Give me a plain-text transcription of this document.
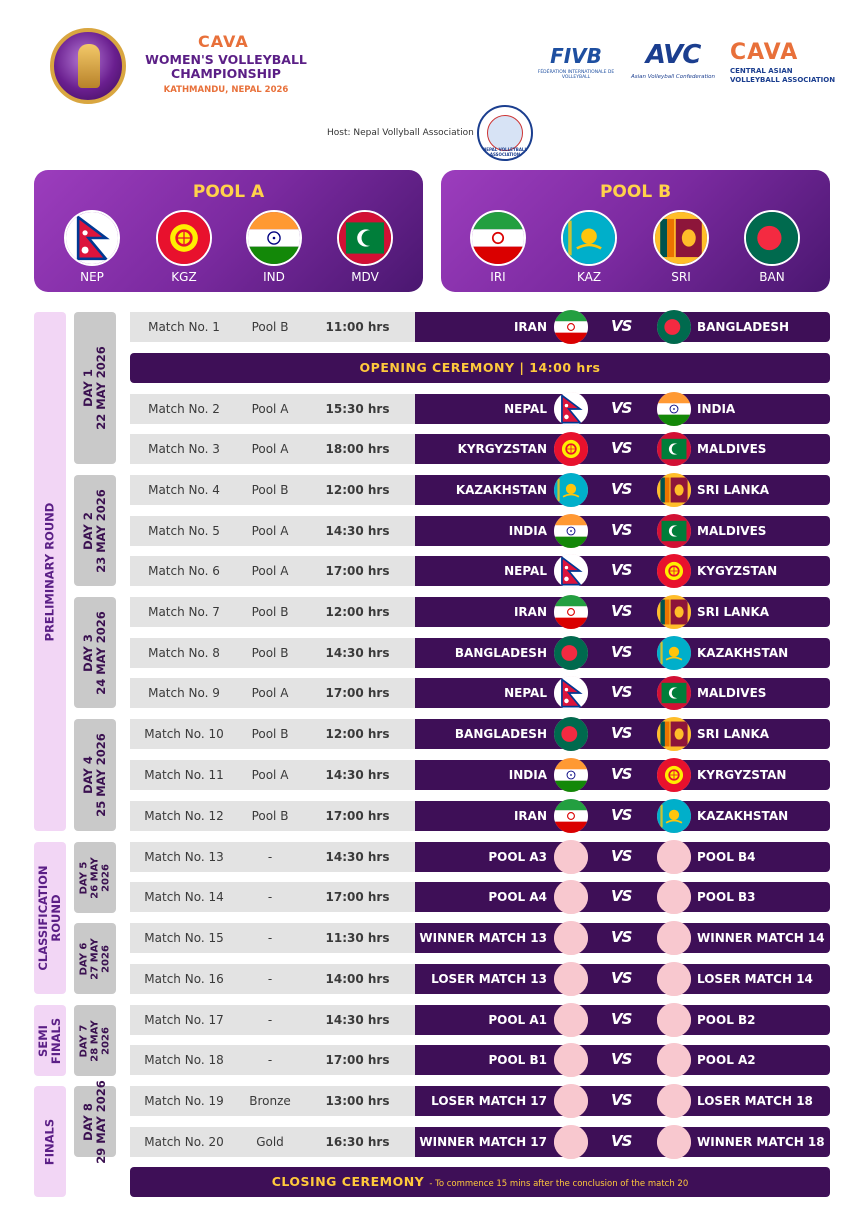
CAVA
WOMEN'S VOLLEYBALL CHAMPIONSHIP
KATHMANDU, NEPAL 2026
FIVB
FÉDÉRATION INTERNATIONALE DE VOLLEYBALL
AVC
Asian Volleyball Confederation
CAVA
CENTRAL ASIAN VOLLEYBALL ASSOCIATION
Host: Nepal Vollyball Association
NEPAL VOLLEYBALL ASSOCIATION
POOL A
NEP	KGZ	IND	MDV
POOL B
IRI	KAZ	SRI	BAN
PRELIMINARY ROUND
CLASSIFICATION ROUND
SEMI FINALS
FINALS
DAY 1 22 MAY 2026
DAY 2 23 MAY 2026
DAY 3 24 MAY 2026
DAY 4 25 MAY 2026
DAY 5 26 MAY 2026
DAY 6 27 MAY 2026
DAY 7 28 MAY 2026
DAY 8 29 MAY 2026
OPENING CEREMONY | 14:00 hrs
CLOSING CEREMONY - To commence 15 mins after the conclusion of the match 20
Match No. 1	Pool B	11:00 hrs	IRAN	VS	BANGLADESH
Match No. 2	Pool A	15:30 hrs	NEPAL	VS	INDIA
Match No. 3	Pool A	18:00 hrs	KYRGYZSTAN	VS	MALDIVES
Match No. 4	Pool B	12:00 hrs	KAZAKHSTAN	VS	SRI LANKA
Match No. 5	Pool A	14:30 hrs	INDIA	VS	MALDIVES
Match No. 6	Pool A	17:00 hrs	NEPAL	VS	KYGYZSTAN
Match No. 7	Pool B	12:00 hrs	IRAN	VS	SRI LANKA
Match No. 8	Pool B	14:30 hrs	BANGLADESH	VS	KAZAKHSTAN
Match No. 9	Pool A	17:00 hrs	NEPAL	VS	MALDIVES
Match No. 10	Pool B	12:00 hrs	BANGLADESH	VS	SRI LANKA
Match No. 11	Pool A	14:30 hrs	INDIA	VS	KYRGYZSTAN
Match No. 12	Pool B	17:00 hrs	IRAN	VS	KAZAKHSTAN
Match No. 13	-	14:30 hrs	POOL A3	VS	POOL B4
Match No. 14	-	17:00 hrs	POOL A4	VS	POOL B3
Match No. 15	-	11:30 hrs	WINNER MATCH 13	VS	WINNER MATCH 14
Match No. 16	-	14:00 hrs	LOSER MATCH 13	VS	LOSER MATCH 14
Match No. 17	-	14:30 hrs	POOL A1	VS	POOL B2
Match No. 18	-	17:00 hrs	POOL B1	VS	POOL A2
Match No. 19	Bronze	13:00 hrs	LOSER MATCH 17	VS	LOSER MATCH 18
Match No. 20	Gold	16:30 hrs	WINNER MATCH 17	VS	WINNER MATCH 18
